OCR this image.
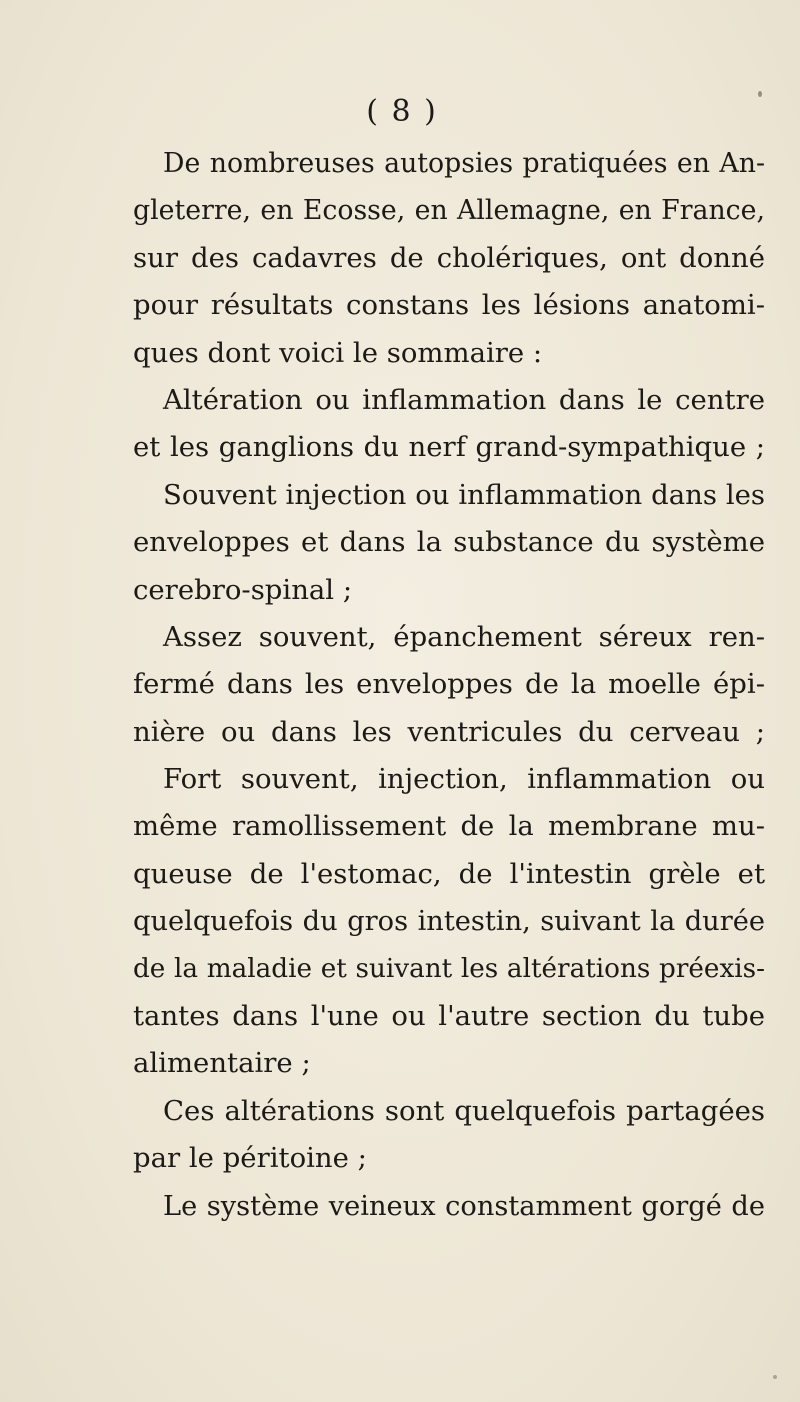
( 8 )
De nombreuses autopsies pratiquées en An-
gleterre, en Ecosse, en Allemagne, en France,
sur des cadavres de cholériques, ont donné
pour résultats constans les lésions anatomi-
ques dont voici le sommaire :
Altération ou inflammation dans le centre
et les ganglions du nerf grand-sympathique ;
Souvent injection ou inflammation dans les
enveloppes et dans la substance du système
cerebro-spinal ;
Assez souvent, épanchement séreux ren-
fermé dans les enveloppes de la moelle épi-
nière ou dans les ventricules du cerveau ;
Fort souvent, injection, inflammation ou
même ramollissement de la membrane mu-
queuse de l'estomac, de l'intestin grèle et
quelquefois du gros intestin, suivant la durée
de la maladie et suivant les altérations préexis-
tantes dans l'une ou l'autre section du tube
alimentaire ;
Ces altérations sont quelquefois partagées
par le péritoine ;
Le système veineux constamment gorgé de
